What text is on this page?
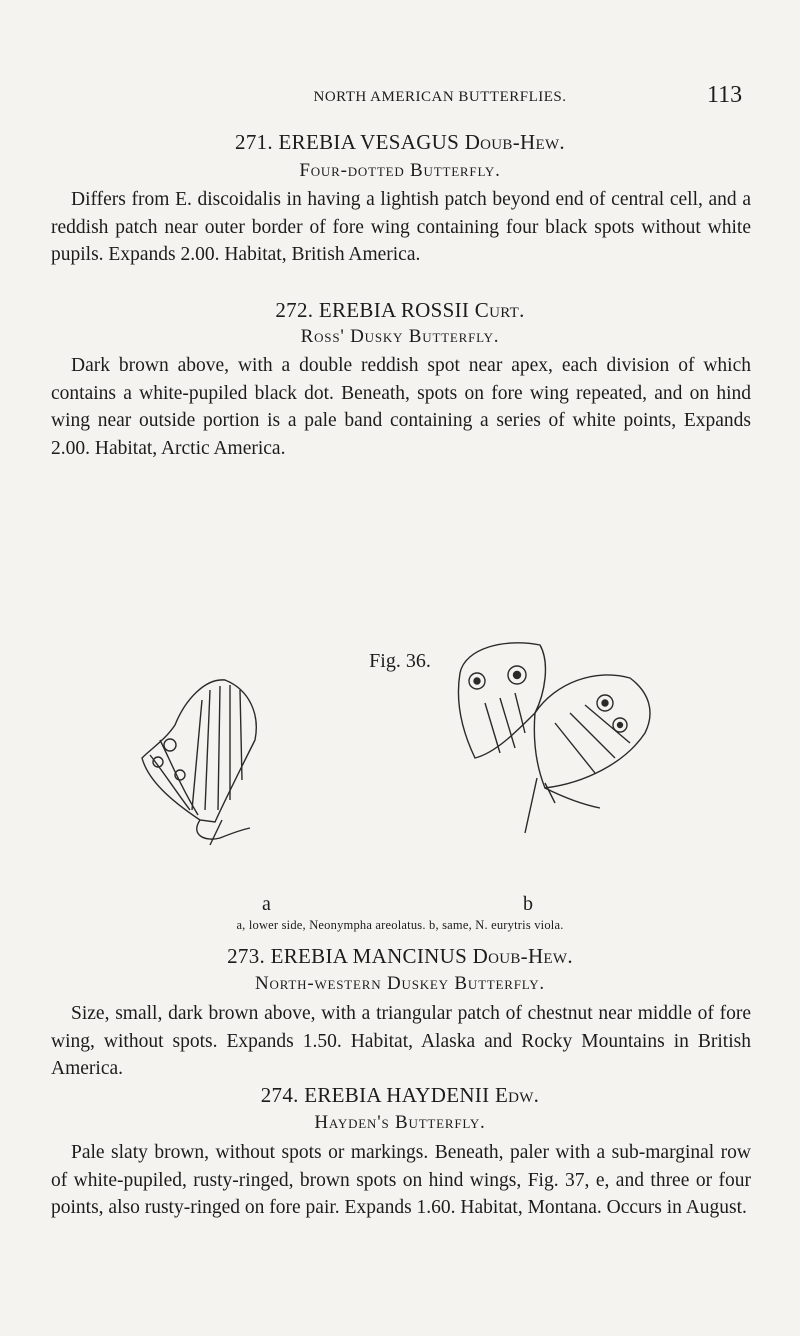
NORTH AMERICAN BUTTERFLIES.	113
271. EREBIA VESAGUS Doub-Hew.
Four-dotted Butterfly.

Differs from E. discoidalis in having a lightish patch beyond end of central cell, and a reddish patch near outer border of fore wing containing four black spots without white pupils. Expands 2.00. Habitat, British America.

272. EREBIA ROSSII Curt.
Ross' Dusky Butterfly.

Dark brown above, with a double reddish spot near apex, each division of which contains a white-pupiled black dot. Beneath, spots on fore wing repeated, and on hind wing near outside portion is a pale band containing a series of white points, Expands 2.00. Habitat, Arctic America.

Fig. 36.
a	b
a, lower side, Neonympha areolatus. b, same, N. eurytris viola.
273. EREBIA MANCINUS Doub-Hew.
North-western Duskey Butterfly.

Size, small, dark brown above, with a triangular patch of chestnut near middle of fore wing, without spots. Expands 1.50. Habitat, Alaska and Rocky Mountains in British America.

274. EREBIA HAYDENII Edw.
Hayden's Butterfly.

Pale slaty brown, without spots or markings. Beneath, paler with a sub-marginal row of white-pupiled, rusty-ringed, brown spots on hind wings, Fig. 37, e, and three or four points, also rusty-ringed on fore pair. Expands 1.60. Habitat, Montana. Occurs in August.
